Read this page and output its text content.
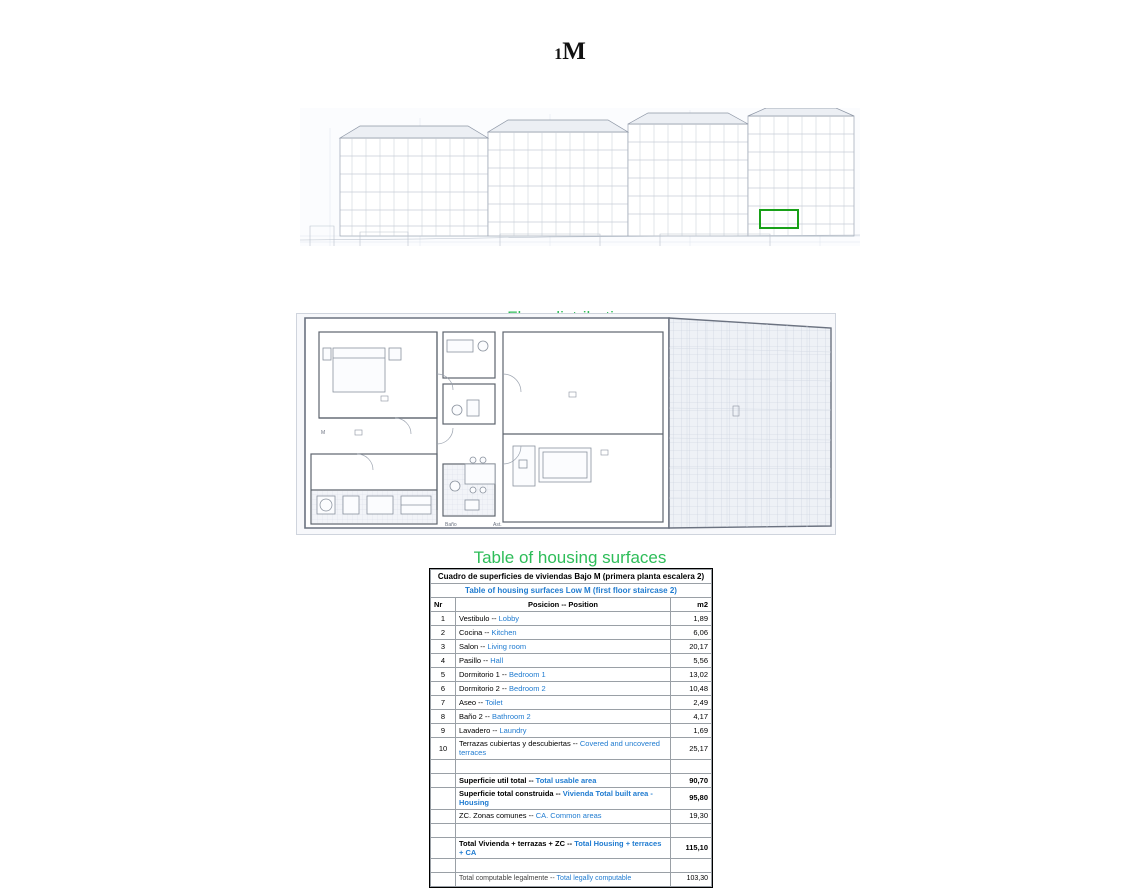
1M
M
Baño	Ast.
Table of housing surfaces
Cuadro de superficies de viviendas Bajo M (primera planta escalera 2)		
Table of housing surfaces Low M (first floor staircase 2)		
Nr	Posicion -- Position	m2
1	Vestibulo -- Lobby	1,89
2	Cocina -- Kitchen	6,06
3	Salon -- Living room	20,17
4	Pasillo -- Hall	5,56
5	Dormitorio 1 -- Bedroom 1	13,02
6	Dormitorio 2 -- Bedroom 2	10,48
7	Aseo -- Toilet	2,49
8	Baño 2 -- Bathroom 2	4,17
9	Lavadero -- Laundry	1,69
10	Terrazas cubiertas y descubiertas -- Covered and uncovered terraces	25,17

	Superficie util total -- Total usable area	90,70
	Superficie total construida -- Vivienda Total built area - Housing	95,80
	ZC. Zonas comunes -- CA. Common areas	19,30

	Total Vivienda + terrazas + ZC -- Total Housing + terraces + CA	115,10

	Total computable legalmente -- Total legally computable	103,30
